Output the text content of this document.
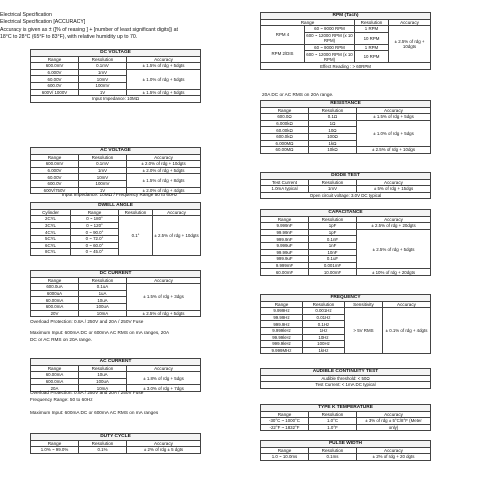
Electrical Specification
Electrical Specification [ACCURACY]
Accuracy is given as ± ([% of reasing ] + [number of least significant digits]) at
18°C to 28°C (65°F to 83°F), with relative humidity up to 70.
DC VOLTAGE		
Range	Resolution	Accuracy
600.0mV	0.1mV	± 1.5% of rdg + 5dgts
6.000V	1mV	± 1.0% of rdg + 5dgts
60.00V	10mV	
600.0V	100mV	
600V/ 1000V	1V	± 1.5% of rdg + 5dgts
Input Impedance: 10MΩ		
AC VOLTAGE		
Range	Resolution	Accuracy
600.0mV	0.1mV	± 2.0% of rdg + 10dgts
6.000V	1mV	± 2.0% of rdg + 5dgts
60.00V	10mV	± 1.5% of rdg + 8dgts
600.0V	100mV	
600V/750V	1V	± 2.0% of rdg + 4dgts
Input Impedance: 10MΩ / Frequency Range 50 to 60Hz
DWELL ANGLE			
Cylinder	Range	Resolution	Accuracy
2CYL	0 ~ 180°	0.1°	± 2.5% of rdg + 10dgts
3CYL	0 ~ 120°		
4CYL	0 ~ 90.0°		
5CYL	0 ~ 72.0°		
6CYL	0 ~ 60.0°		
8CYL	0 ~ 45.0°		
DC CURRENT		
Range	Resolution	Accuracy
600.0uA	0.1uA	± 1.5% of rdg + 3dgs
6000uA	1uA	
60.00mA	10uA	
600.0mA	100uA	
20V	10mA	± 2.5% of rdg + 5dgts
Overload Protection: 0.8A / 250V and 20A / 250V Fuse
Maximum Input: 600mA DC or 600mA AC RMS on mA ranges, 20A
DC or AC RMS on 20A range.
AC CURRENT		
Range	Resolution	Accuracy
60.00mA	10uA	± 1.8% of rdg + 5dgs
600.0mA	100uA	
20A	10mA	± 3.0% of rdg + 7dgs
Overload Protection: 0.8A / 250V and 20A / 250V Fuse
Frequency Range: 50 to 60Hz
Maximum Input: 600mA DC or 600mA AC RMS on mA ranges
DUTY CYCLE		
Range	Resolution	Accuracy
1.0% ~ 99.0%	0.1%	± 2% of rdg ± 5 dgts
RPM (Tach)			
Range		Resolution	Accuracy
RPM 4	60 ~ 9000 RPM	1 RPM	± 2.5% of rdg + 10dgts
	600 ~ 12000 RPM (x 10 RPM)	10 RPM	
RPM 2/DIS	60 ~ 9000 RPM	1 RPM	
	600 ~ 12000 RPM (x 10 RPM)	10 RPM	
Effect Reading : > 60RPM			
20A DC or AC RMS on 20A range.
RESISTANCE		
Range	Resolution	Accuracy
600.0Ω	0.1Ω	± 1.5% of rdg + 5dgs
6.000kΩ	1Ω	± 1.0% of rdg + 5dgs
60.00kΩ	10Ω	
600.0kΩ	100Ω	
6.000MΩ	1kΩ	
60.00MΩ	10kΩ	± 2.5% of rdg + 10dgs
DIODE TEST		
Test Current	Resolution	Accuracy
1.0mA typical	1mV	± 5% of rdg + 15dgs
Open circuit voltage: 3.0V DC typical		
CAPACITANCE		
Range	Resolution	Accuracy
9.999nF	1pF	± 2.5% of rdg + 20dgts
99.99nF	1pF	± 2.5% of rdg + 5dgts
999.9nF	0.1nF	
9.999uF	1nF	
99.99uF	10nF	
999.9uF	0.1uF	
9.999mF	0.001mF	
60.00mF	10.00mF	± 10% of rdg + 20dgts
FREQUENCY			
Range	Resolution	Sensitivity	Accuracy
9.999Hz	0.001Hz	> 5V RMS	± 0.1% of rdg + 4dgts
99.99Hz	0.01Hz		
999.9Hz	0.1Hz		
9.999kHz	1Hz		
99.99kHz	10Hz		
999.9kHz	100Hz		
9.999MHz	1kHz		
AUDIBLE CONTINUITY TEST
Audible threshold: < 50Ω
Test Current: < 1mA DC typical
TYPE K TEMPERATURE		
Range	Resolution	Accuracy
-30°C ~ 1000°C	1.0°C	± 3% of rdg ± 5°C/8°F (Meter
-22°F ~ 1832°F	1.0°F	only)
PULSE WIDTH		
Range	Resolution	Accuracy
1.0 ~ 10.0ms	0.1ms	± 2% of rdg + 20 dgts
